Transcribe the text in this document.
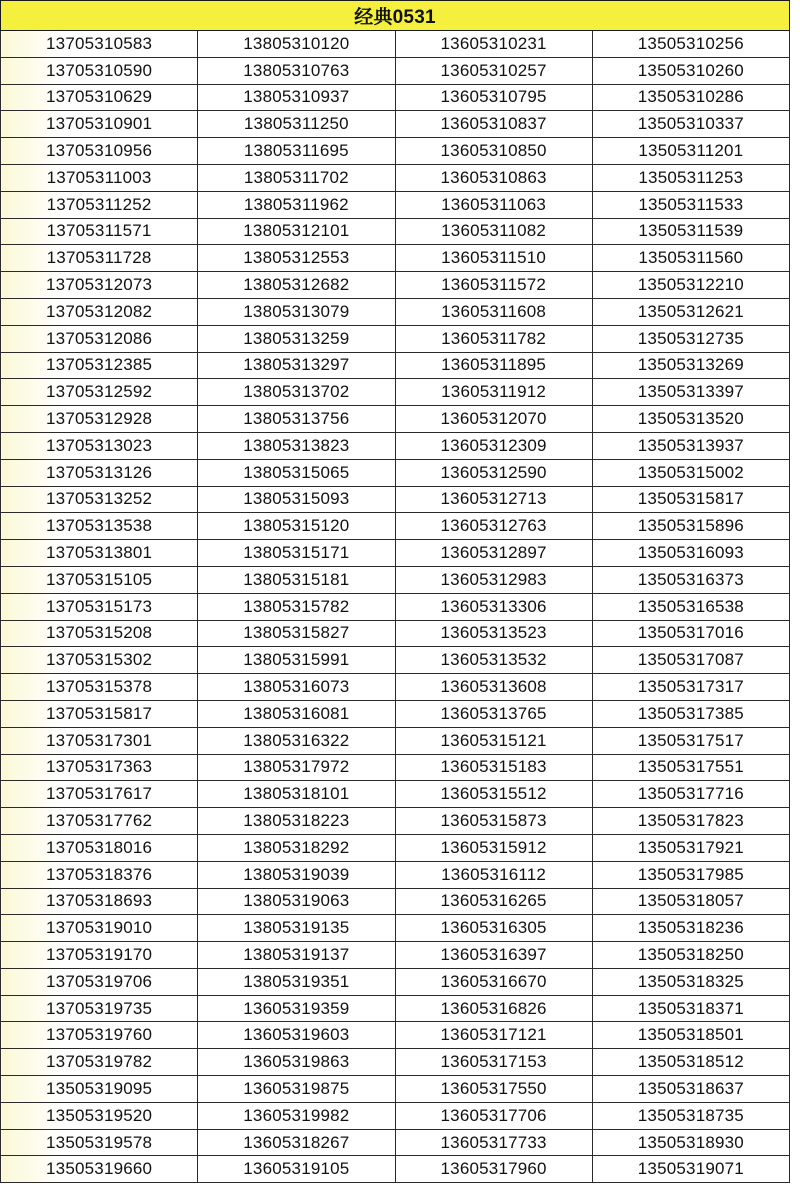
经典0531			
13705310583	13805310120	13605310231	13505310256
13705310590	13805310763	13605310257	13505310260
13705310629	13805310937	13605310795	13505310286
13705310901	13805311250	13605310837	13505310337
13705310956	13805311695	13605310850	13505311201
13705311003	13805311702	13605310863	13505311253
13705311252	13805311962	13605311063	13505311533
13705311571	13805312101	13605311082	13505311539
13705311728	13805312553	13605311510	13505311560
13705312073	13805312682	13605311572	13505312210
13705312082	13805313079	13605311608	13505312621
13705312086	13805313259	13605311782	13505312735
13705312385	13805313297	13605311895	13505313269
13705312592	13805313702	13605311912	13505313397
13705312928	13805313756	13605312070	13505313520
13705313023	13805313823	13605312309	13505313937
13705313126	13805315065	13605312590	13505315002
13705313252	13805315093	13605312713	13505315817
13705313538	13805315120	13605312763	13505315896
13705313801	13805315171	13605312897	13505316093
13705315105	13805315181	13605312983	13505316373
13705315173	13805315782	13605313306	13505316538
13705315208	13805315827	13605313523	13505317016
13705315302	13805315991	13605313532	13505317087
13705315378	13805316073	13605313608	13505317317
13705315817	13805316081	13605313765	13505317385
13705317301	13805316322	13605315121	13505317517
13705317363	13805317972	13605315183	13505317551
13705317617	13805318101	13605315512	13505317716
13705317762	13805318223	13605315873	13505317823
13705318016	13805318292	13605315912	13505317921
13705318376	13805319039	13605316112	13505317985
13705318693	13805319063	13605316265	13505318057
13705319010	13805319135	13605316305	13505318236
13705319170	13805319137	13605316397	13505318250
13705319706	13805319351	13605316670	13505318325
13705319735	13605319359	13605316826	13505318371
13705319760	13605319603	13605317121	13505318501
13705319782	13605319863	13605317153	13505318512
13505319095	13605319875	13605317550	13505318637
13505319520	13605319982	13605317706	13505318735
13505319578	13605318267	13605317733	13505318930
13505319660	13605319105	13605317960	13505319071
